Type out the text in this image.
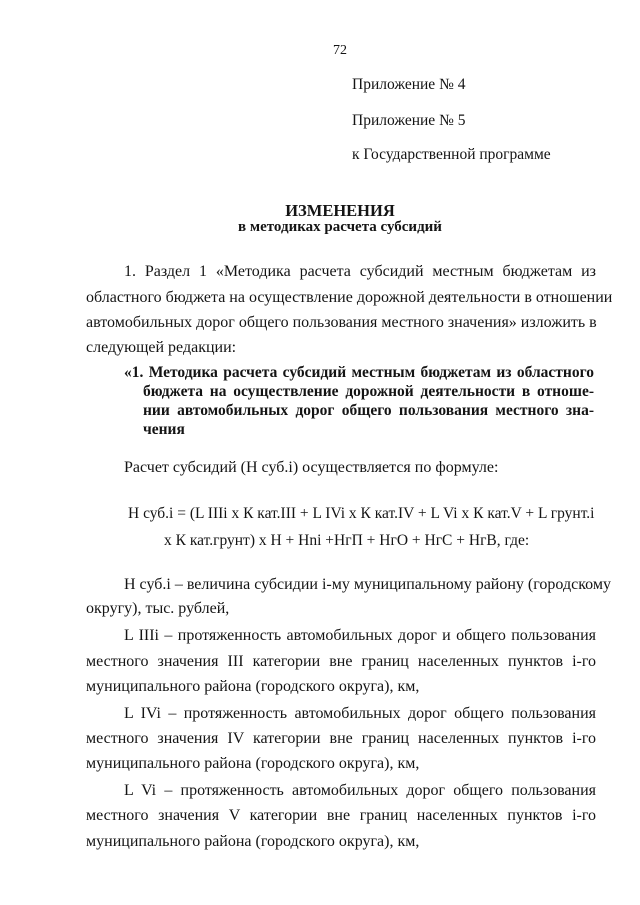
72
Приложение № 4
Приложение № 5
к Государственной программе
ИЗМЕНЕНИЯ
в методиках расчета субсидий
1. Раздел 1 «Методика расчета субсидий местным бюджетам из
областного бюджета на осуществление дорожной деятельности в отношении
автомобильных дорог общего пользования местного значения» изложить в
следующей редакции:
«1. Методика расчета субсидий местным бюджетам из областного
бюджета на осуществление дорожной деятельности в отноше-
нии автомобильных дорог общего пользования местного зна-
чения
Расчет субсидий (Н суб.i) осуществляется по формуле:
Н суб.i = (L IIIi х К кат.III + L IVi х К кат.IV + L Vi х К кат.V + L грунт.i
х К кат.грунт) х Н + Нni +НгП + НгО + НгС + НгВ, где:
Н суб.i – величина субсидии i-му муниципальному району (городскому
округу), тыс. рублей,
L IIIi – протяженность автомобильных дорог и общего пользования
местного значения III категории вне границ населенных пунктов i-го
муниципального района (городского округа), км,
L IVi – протяженность автомобильных дорог общего пользования
местного значения IV категории вне границ населенных пунктов i-го
муниципального района (городского округа), км,
L Vi – протяженность автомобильных дорог общего пользования
местного значения V категории вне границ населенных пунктов i-го
муниципального района (городского округа), км,
